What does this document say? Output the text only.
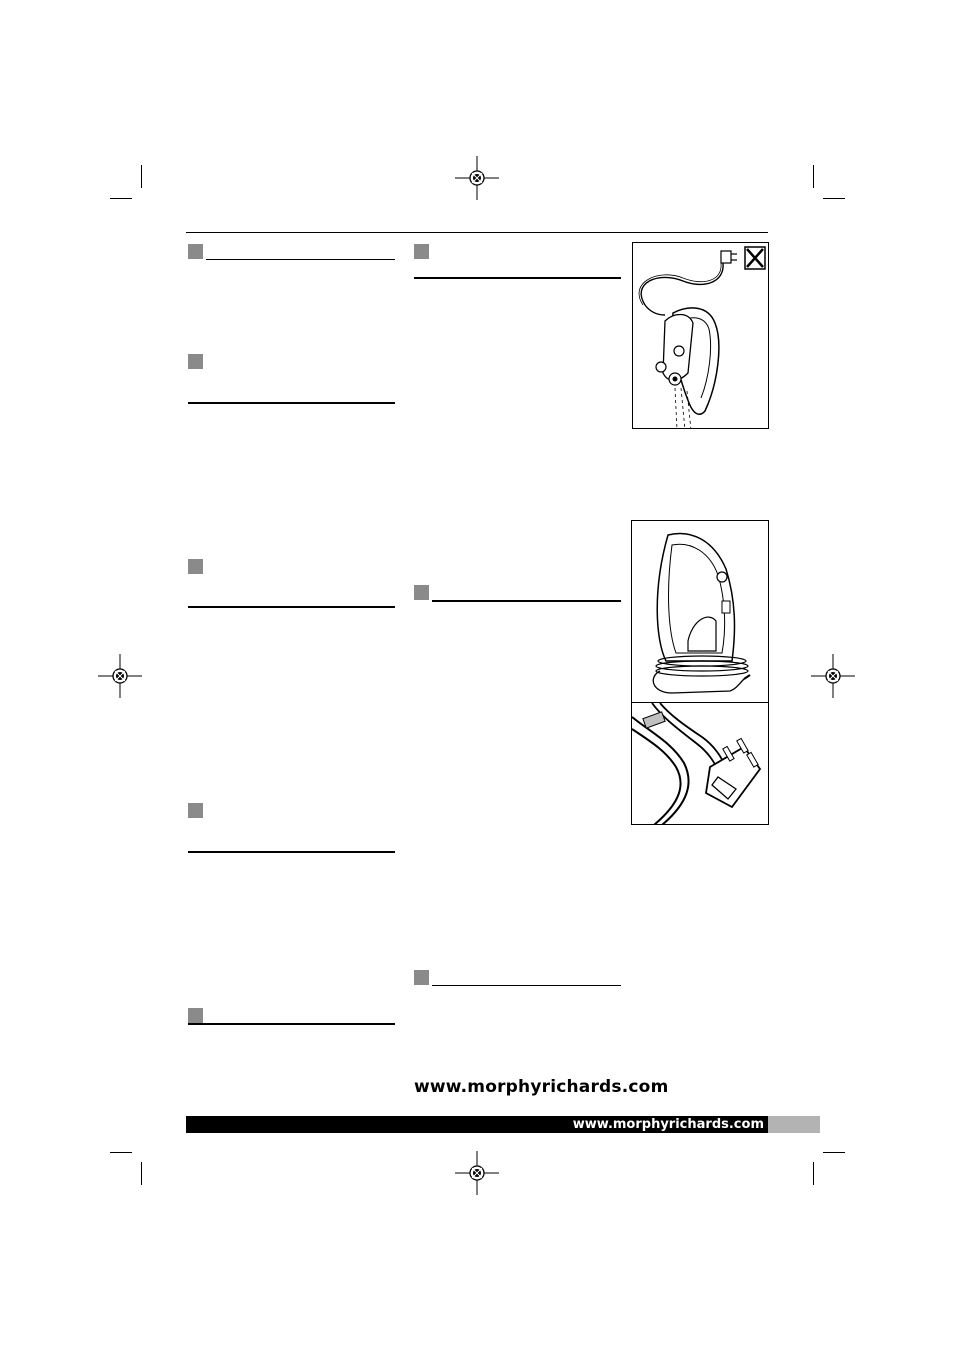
www.morphyrichards.com
www.morphyrichards.com
